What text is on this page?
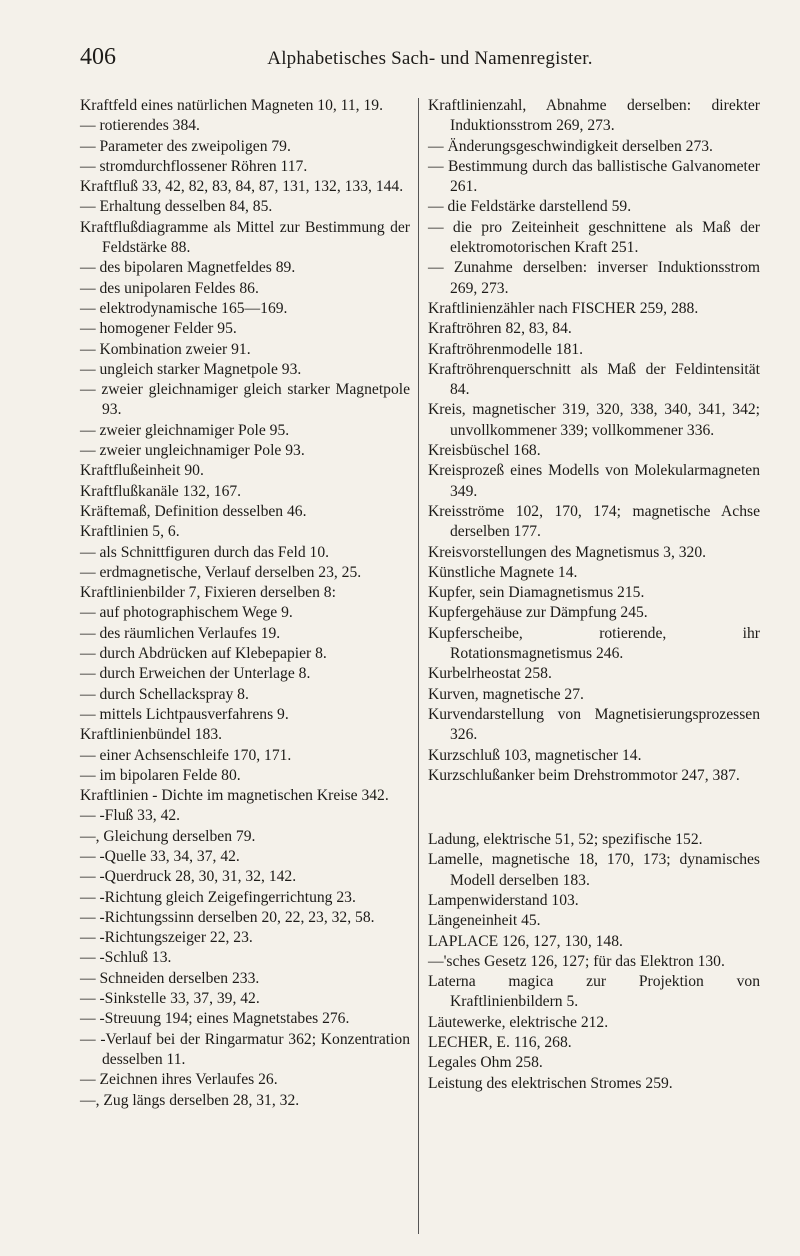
406	Alphabetisches Sach- und Namenregister.
Kraftfeld eines natürlichen Magneten 10, 11, 19.
— rotierendes 384.
— Parameter des zweipoligen 79.
— stromdurchflossener Röhren 117.
Kraftfluß 33, 42, 82, 83, 84, 87, 131, 132, 133, 144.
— Erhaltung desselben 84, 85.
Kraftflußdiagramme als Mittel zur Bestimmung der Feldstärke 88.
— des bipolaren Magnetfeldes 89.
— des unipolaren Feldes 86.
— elektrodynamische 165—169.
— homogener Felder 95.
— Kombination zweier 91.
— ungleich starker Magnetpole 93.
— zweier gleichnamiger gleich starker Magnetpole 93.
— zweier gleichnamiger Pole 95.
— zweier ungleichnamiger Pole 93.
Kraftflußeinheit 90.
Kraftflußkanäle 132, 167.
Kräftemaß, Definition desselben 46.
Kraftlinien 5, 6.
— als Schnittfiguren durch das Feld 10.
— erdmagnetische, Verlauf derselben 23, 25.
Kraftlinienbilder 7, Fixieren derselben 8:
— auf photographischem Wege 9.
— des räumlichen Verlaufes 19.
— durch Abdrücken auf Klebepapier 8.
— durch Erweichen der Unterlage 8.
— durch Schellackspray 8.
— mittels Lichtpausverfahrens 9.
Kraftlinienbündel 183.
— einer Achsenschleife 170, 171.
— im bipolaren Felde 80.
Kraftlinien - Dichte im magnetischen Kreise 342.
— -Fluß 33, 42.
—, Gleichung derselben 79.
— -Quelle 33, 34, 37, 42.
— -Querdruck 28, 30, 31, 32, 142.
— -Richtung gleich Zeigefingerrichtung 23.
— -Richtungssinn derselben 20, 22, 23, 32, 58.
— -Richtungszeiger 22, 23.
— -Schluß 13.
— Schneiden derselben 233.
— -Sinkstelle 33, 37, 39, 42.
— -Streuung 194; eines Magnetstabes 276.
— -Verlauf bei der Ringarmatur 362; Konzentration desselben 11.
— Zeichnen ihres Verlaufes 26.
—, Zug längs derselben 28, 31, 32.
Kraftlinienzahl, Abnahme derselben: direkter Induktionsstrom 269, 273.
— Änderungsgeschwindigkeit derselben 273.
— Bestimmung durch das ballistische Galvanometer 261.
— die Feldstärke darstellend 59.
— die pro Zeiteinheit geschnittene als Maß der elektromotorischen Kraft 251.
— Zunahme derselben: inverser Induktionsstrom 269, 273.
Kraftlinienzähler nach FISCHER 259, 288.
Kraftröhren 82, 83, 84.
Kraftröhrenmodelle 181.
Kraftröhrenquerschnitt als Maß der Feldintensität 84.
Kreis, magnetischer 319, 320, 338, 340, 341, 342; unvollkommener 339; vollkommener 336.
Kreisbüschel 168.
Kreisprozeß eines Modells von Molekularmagneten 349.
Kreisströme 102, 170, 174; magnetische Achse derselben 177.
Kreisvorstellungen des Magnetismus 3, 320.
Künstliche Magnete 14.
Kupfer, sein Diamagnetismus 215.
Kupfergehäuse zur Dämpfung 245.
Kupferscheibe, rotierende, ihr Rotationsmagnetismus 246.
Kurbelrheostat 258.
Kurven, magnetische 27.
Kurvendarstellung von Magnetisierungsprozessen 326.
Kurzschluß 103, magnetischer 14.
Kurzschlußanker beim Drehstrommotor 247, 387.
Ladung, elektrische 51, 52; spezifische 152.
Lamelle, magnetische 18, 170, 173; dynamisches Modell derselben 183.
Lampenwiderstand 103.
Längeneinheit 45.
LAPLACE 126, 127, 130, 148.
—'sches Gesetz 126, 127; für das Elektron 130.
Laterna magica zur Projektion von Kraftlinienbildern 5.
Läutewerke, elektrische 212.
LECHER, E. 116, 268.
Legales Ohm 258.
Leistung des elektrischen Stromes 259.
